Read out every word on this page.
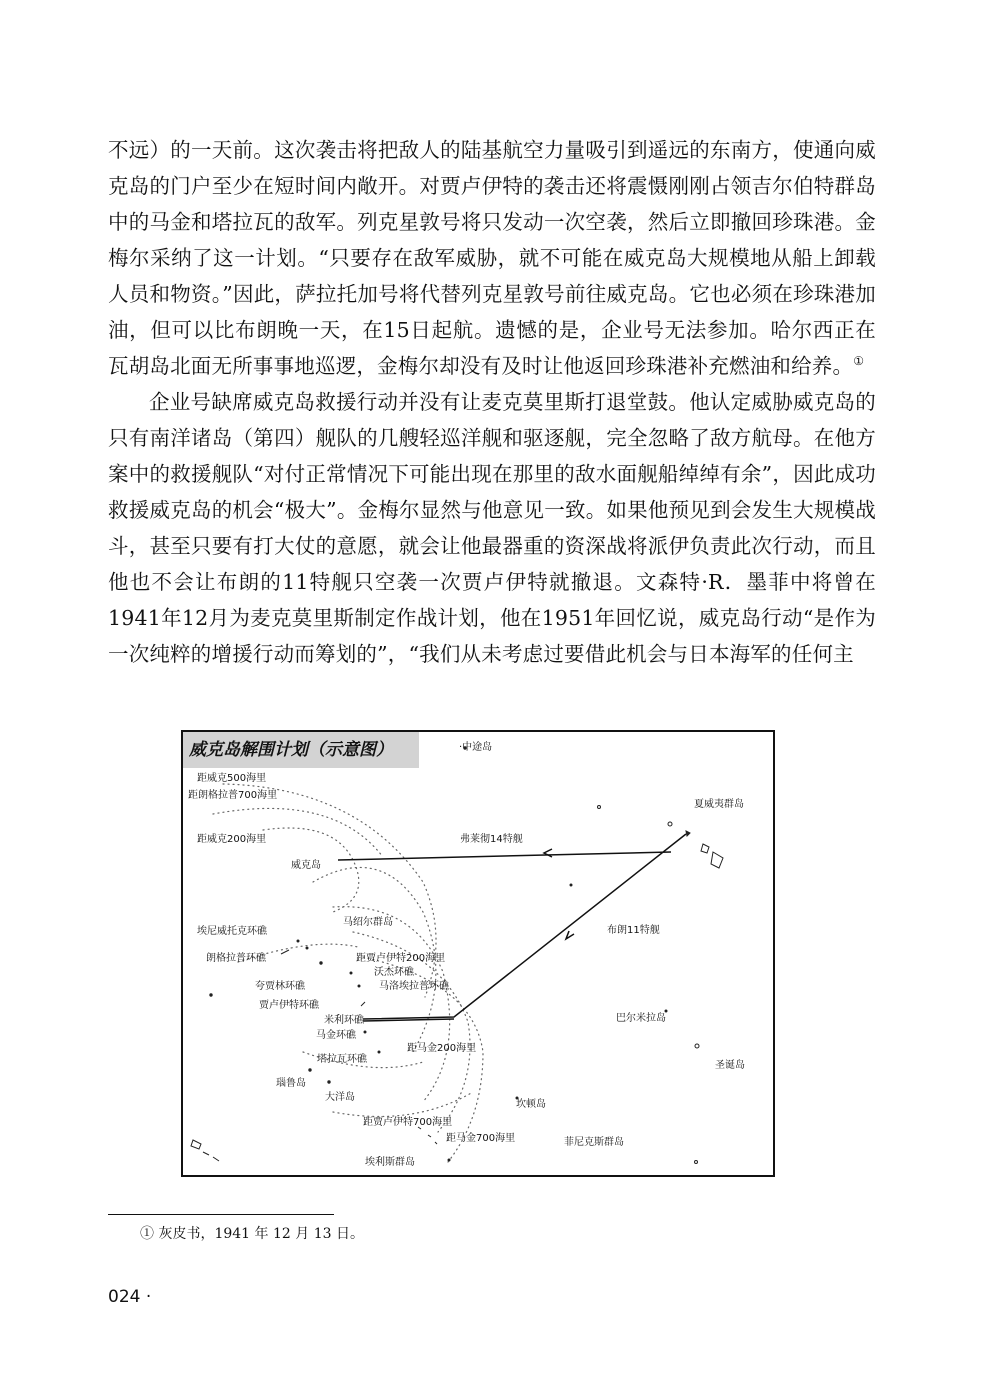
不远）的一天前。这次袭击将把敌人的陆基航空力量吸引到遥远的东南方，使通向威克岛的门户至少在短时间内敞开。对贾卢伊特的袭击还将震慑刚刚占领吉尔伯特群岛中的马金和塔拉瓦的敌军。列克星敦号将只发动一次空袭，然后立即撤回珍珠港。金梅尔采纳了这一计划。“只要存在敌军威胁，就不可能在威克岛大规模地从船上卸载人员和物资。”因此，萨拉托加号将代替列克星敦号前往威克岛。它也必须在珍珠港加油，但可以比布朗晚一天，在15日起航。遗憾的是，企业号无法参加。哈尔西正在瓦胡岛北面无所事事地巡逻，金梅尔却没有及时让他返回珍珠港补充燃油和给养。①

企业号缺席威克岛救援行动并没有让麦克莫里斯打退堂鼓。他认定威胁威克岛的只有南洋诸岛（第四）舰队的几艘轻巡洋舰和驱逐舰，完全忽略了敌方航母。在他方案中的救援舰队“对付正常情况下可能出现在那里的敌水面舰船绰绰有余”，因此成功救援威克岛的机会“极大”。金梅尔显然与他意见一致。如果他预见到会发生大规模战斗，甚至只要有打大仗的意愿，就会让他最器重的资深战将派伊负责此次行动，而且他也不会让布朗的11特舰只空袭一次贾卢伊特就撤退。文森特·R．墨菲中将曾在1941年12月为麦克莫里斯制定作战计划，他在1951年回忆说，威克岛行动“是作为一次纯粹的增援行动而筹划的”，“我们从未考虑过要借此机会与日本海军的任何主

威克岛解围计划（示意图）	·中途岛
距威克500海里
距朗格拉普700海里
距威克200海里
威克岛
弗莱彻14特舰
夏威夷群岛
马绍尔群岛
埃尼威托克环礁	布朗11特舰
朗格拉普环礁	距贾卢伊特200海里
沃杰环礁
夸贾林环礁	马洛埃拉普环礁
贾卢伊特环礁
米利环礁	巴尔米拉岛
马金环礁
距马金200海里
塔拉瓦环礁
圣诞岛
瑙鲁岛
大洋岛
坎顿岛
距贾卢伊特700海里
距马金700海里	菲尼克斯群岛
埃利斯群岛
① 灰皮书，1941 年 12 月 13 日。
024 ·
